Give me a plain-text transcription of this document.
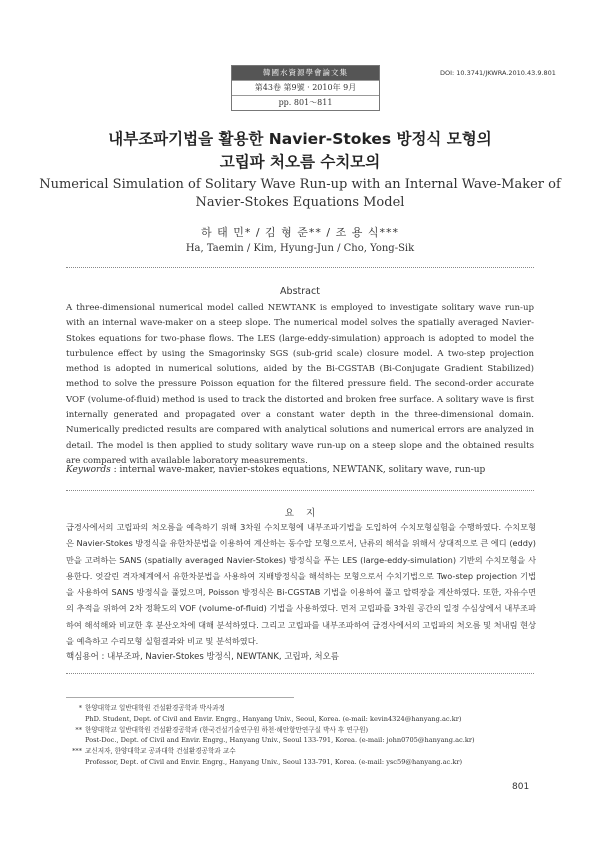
韓國水資源學會論文集
第43卷 第9號 · 2010年 9月
pp. 801～811
DOI: 10.3741/JKWRA.2010.43.9.801
내부조파기법을 활용한 Navier-Stokes 방정식 모형의
고립파 처오름 수치모의
Numerical Simulation of Solitary Wave Run-up with an Internal Wave-Maker of
Navier-Stokes Equations Model
하 태 민* / 김 형 준** / 조 용 식***
Ha, Taemin / Kim, Hyung-Jun / Cho, Yong-Sik
Abstract
A three-dimensional numerical model called NEWTANK is employed to investigate solitary wave run-up with an internal wave-maker on a steep slope. The numerical model solves the spatially averaged Navier-Stokes equations for two-phase flows. The LES (large-eddy-simulation) approach is adopted to model the turbulence effect by using the Smagorinsky SGS (sub-grid scale) closure model. A two-step projection method is adopted in numerical solutions, aided by the Bi-CGSTAB (Bi-Conjugate Gradient Stabilized) method to solve the pressure Poisson equation for the filtered pressure field. The second-order accurate VOF (volume-of-fluid) method is used to track the distorted and broken free surface. A solitary wave is first internally generated and propagated over a constant water depth in the three-dimensional domain. Numerically predicted results are compared with analytical solutions and numerical errors are analyzed in detail. The model is then applied to study solitary wave run-up on a steep slope and the obtained results are compared with available laboratory measurements.
Keywords : internal wave-maker, navier-stokes equations, NEWTANK, solitary wave, run-up
요    지
급경사에서의 고립파의 처오름을 예측하기 위해 3차원 수치모형에 내부조파기법을 도입하여 수치모형실험을 수행하였다. 수치모형은 Navier-Stokes 방정식을 유한차분법을 이용하여 계산하는 동수압 모형으로서, 난류의 해석을 위해서 상대적으로 큰 에디 (eddy)만을 고려하는 SANS (spatially averaged Navier-Stokes) 방정식을 푸는 LES (large-eddy-simulation) 기반의 수치모형을 사용한다. 엇갈린 격자체계에서 유한차분법을 사용하여 지배방정식을 해석하는 모형으로서 수치기법으로 Two-step projection 기법을 사용하여 SANS 방정식을 풀었으며, Poisson 방정식은 Bi-CGSTAB 기법을 이용하여 풀고 압력장을 계산하였다. 또한, 자유수면의 추적을 위하여 2차 정확도의 VOF (volume-of-fluid) 기법을 사용하였다. 먼저 고립파를 3차원 공간의 일정 수심상에서 내부조파하여 해석해와 비교한 후 분산오차에 대해 분석하였다. 그리고 고립파를 내부조파하여 급경사에서의 고립파의 처오름 및 처내림 현상을 예측하고 수리모형 실험결과와 비교 및 분석하였다.
핵심용어 : 내부조파, Navier-Stokes 방정식, NEWTANK, 고립파, 처오름
* 한양대학교 일반대학원 건설환경공학과 박사과정
PhD. Student, Dept. of Civil and Envir. Engrg., Hanyang Univ., Seoul, Korea. (e-mail: kevin4324@hanyang.ac.kr)
** 한양대학교 일반대학원 건설환경공학과 (한국건설기술연구원 하천·해안항만연구실 박사 후 연구원)
Post-Doc., Dept. of Civil and Envir. Engrg., Hanyang Univ., Seoul 133-791, Korea. (e-mail: john0705@hanyang.ac.kr)
*** 교신저자, 한양대학교 공과대학 건설환경공학과 교수
Professor, Dept. of Civil and Envir. Engrg., Hanyang Univ., Seoul 133-791, Korea. (e-mail: ysc59@hanyang.ac.kr)
801
